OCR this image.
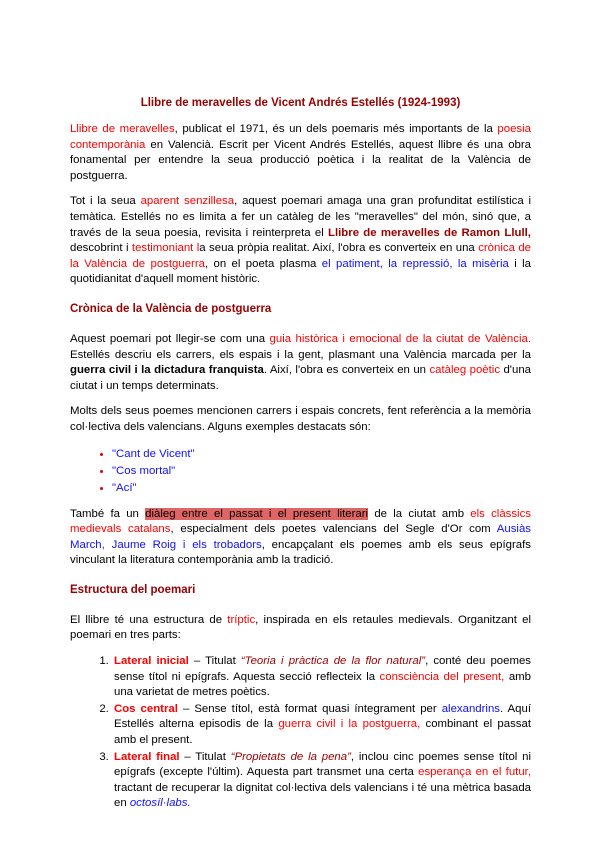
Llibre de meravelles de Vicent Andrés Estellés (1924-1993)

Llibre de meravelles, publicat el 1971, és un dels poemaris més importants de la poesia contemporània en Valencià. Escrit per Vicent Andrés Estellés, aquest llibre és una obra fonamental per entendre la seua producció poètica i la realitat de la València de postguerra.

Tot i la seua aparent senzillesa, aquest poemari amaga una gran profunditat estilística i temàtica. Estellés no es limita a fer un catàleg de les "meravelles" del món, sinó que, a través de la seua poesia, revisita i reinterpreta el Llibre de meravelles de Ramon Llull, descobrint i testimoniant la seua pròpia realitat. Així, l'obra es converteix en una crònica de la València de postguerra, on el poeta plasma el patiment, la repressió, la misèria i la quotidianitat d'aquell moment històric.

Crònica de la València de postguerra

Aquest poemari pot llegir-se com una guia històrica i emocional de la ciutat de València. Estellés descriu els carrers, els espais i la gent, plasmant una València marcada per la guerra civil i la dictadura franquista. Així, l'obra es converteix en un catàleg poètic d'una ciutat i un temps determinats.

Molts dels seus poemes mencionen carrers i espais concrets, fent referència a la memòria col·lectiva dels valencians. Alguns exemples destacats són:

• "Cant de Vicent"
• "Cos mortal"
• "Ací"

També fa un diàleg entre el passat i el present literari de la ciutat amb els clàssics medievals catalans, especialment dels poetes valencians del Segle d'Or com Ausiàs March, Jaume Roig i els trobadors, encapçalant els poemes amb els seus epígrafs vinculant la literatura contemporània amb la tradició.

Estructura del poemari

El llibre té una estructura de tríptic, inspirada en els retaules medievals. Organitzant el poemari en tres parts:

1. Lateral inicial – Titulat “Teoria i pràctica de la flor natural”, conté deu poemes sense títol ni epígrafs. Aquesta secció reflecteix la consciència del present, amb una varietat de metres poètics.
2. Cos central – Sense títol, està format quasi íntegrament per alexandrins. Aquí Estellés alterna episodis de la guerra civil i la postguerra, combinant el passat amb el present.
3. Lateral final – Titulat “Propietats de la pena”, inclou cinc poemes sense títol ni epígrafs (excepte l'últim). Aquesta part transmet una certa esperança en el futur, tractant de recuperar la dignitat col·lectiva dels valencians i té una mètrica basada en octosíl·labs.
